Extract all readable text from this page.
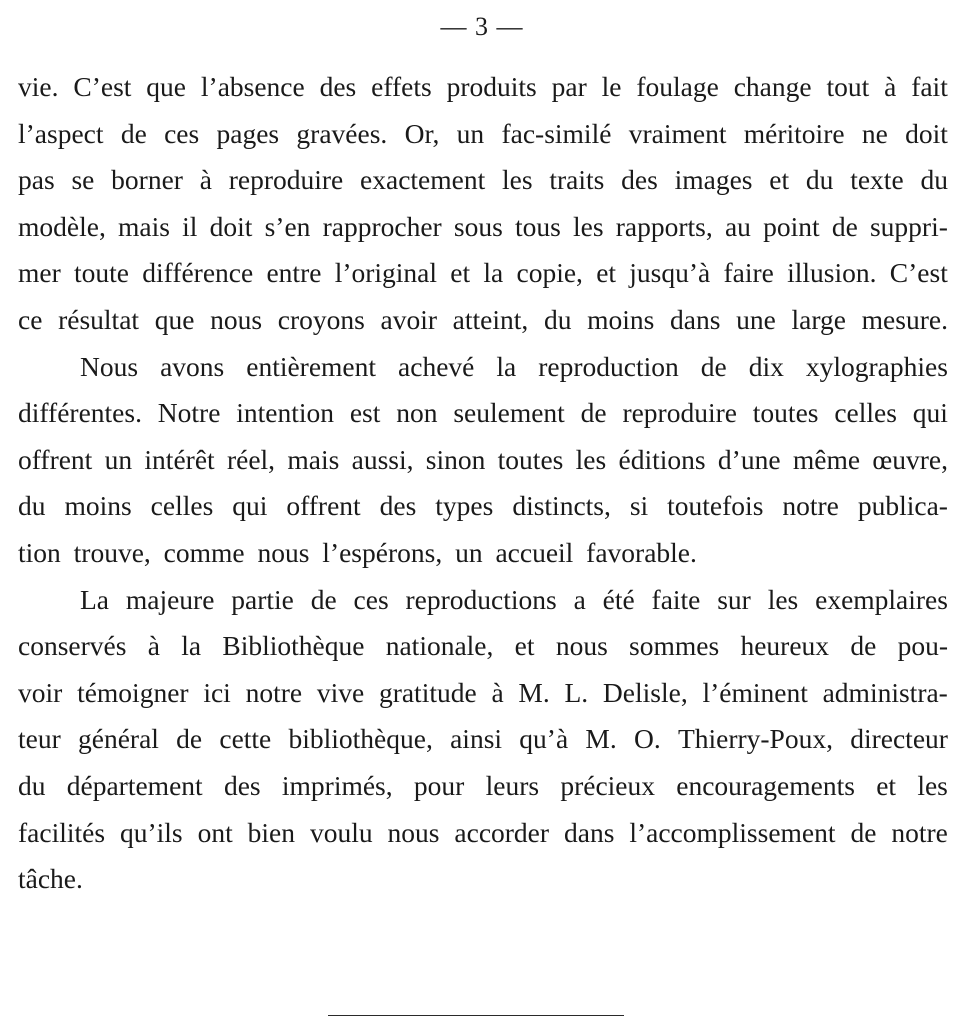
— 3 —
vie. C’est que l’absence des effets produits par le foulage change tout à fait
l’aspect de ces pages gravées. Or, un fac-similé vraiment méritoire ne doit
pas se borner à reproduire exactement les traits des images et du texte du
modèle, mais il doit s’en rapprocher sous tous les rapports, au point de suppri-
mer toute différence entre l’original et la copie, et jusqu’à faire illusion. C’est
ce résultat que nous croyons avoir atteint, du moins dans une large mesure.
Nous avons entièrement achevé la reproduction de dix xylographies
différentes. Notre intention est non seulement de reproduire toutes celles qui
offrent un intérêt réel, mais aussi, sinon toutes les éditions d’une même œuvre,
du moins celles qui offrent des types distincts, si toutefois notre publica-
tion trouve, comme nous l’espérons, un accueil favorable.
La majeure partie de ces reproductions a été faite sur les exemplaires
conservés à la Bibliothèque nationale, et nous sommes heureux de pou-
voir témoigner ici notre vive gratitude à M. L. Delisle, l’éminent administra-
teur général de cette bibliothèque, ainsi qu’à M. O. Thierry-Poux, directeur
du département des imprimés, pour leurs précieux encouragements et les
facilités qu’ils ont bien voulu nous accorder dans l’accomplissement de notre
tâche.
